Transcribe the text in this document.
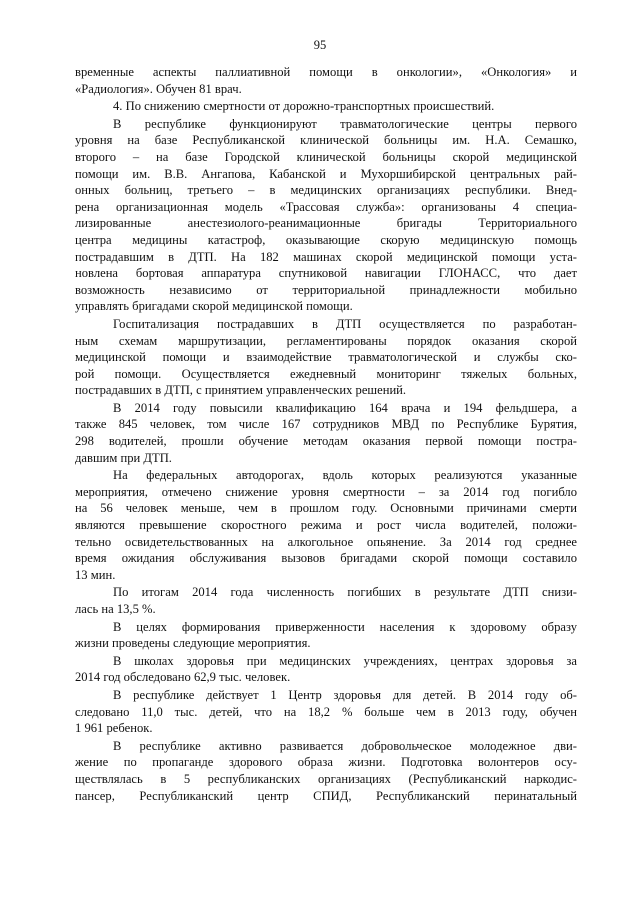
95
временные аспекты паллиативной помощи в онкологии», «Онкология» и
«Радиология». Обучен 81 врач.
4. По снижению смертности от дорожно-транспортных происшествий.
В республике функционируют травматологические центры первого
уровня на базе Республиканской клинической больницы им. Н.А. Семашко,
второго – на базе Городской клинической больницы скорой медицинской
помощи им. В.В. Ангапова, Кабанской и Мухоршибирской центральных рай-
онных больниц, третьего – в медицинских организациях республики. Внед-
рена организационная модель «Трассовая служба»: организованы 4 специа-
лизированные анестезиолого-реанимационные бригады Территориального
центра медицины катастроф, оказывающие скорую медицинскую помощь
пострадавшим в ДТП. На 182 машинах скорой медицинской помощи уста-
новлена бортовая аппаратура спутниковой навигации ГЛОНАСС, что дает
возможность независимо от территориальной принадлежности мобильно
управлять бригадами скорой медицинской помощи.
Госпитализация пострадавших в ДТП осуществляется по разработан-
ным схемам маршрутизации, регламентированы порядок оказания скорой
медицинской помощи и взаимодействие травматологической и службы ско-
рой помощи. Осуществляется ежедневный мониторинг тяжелых больных,
пострадавших в ДТП, с принятием управленческих решений.
В 2014 году повысили квалификацию 164 врача и 194 фельдшера, а
также 845 человек, том числе 167 сотрудников МВД по Республике Бурятия,
298 водителей, прошли обучение методам оказания первой помощи постра-
давшим при ДТП.
На федеральных автодорогах, вдоль которых реализуются указанные
мероприятия, отмечено снижение уровня смертности – за 2014 год погибло
на 56 человек меньше, чем в прошлом году. Основными причинами смерти
являются превышение скоростного режима и рост числа водителей, положи-
тельно освидетельствованных на алкогольное опьянение. За 2014 год среднее
время ожидания обслуживания вызовов бригадами скорой помощи составило
13 мин.
По итогам 2014 года численность погибших в результате ДТП снизи-
лась на 13,5 %.
В целях формирования приверженности населения к здоровому образу
жизни проведены следующие мероприятия.
В школах здоровья при медицинских учреждениях, центрах здоровья за
2014 год обследовано 62,9 тыс. человек.
В республике действует 1 Центр здоровья для детей. В 2014 году об-
следовано 11,0 тыс. детей, что на 18,2 % больше чем в 2013 году, обучен
1 961 ребенок.
В республике активно развивается добровольческое молодежное дви-
жение по пропаганде здорового образа жизни. Подготовка волонтеров осу-
ществлялась в 5 республиканских организациях (Республиканский наркодис-
пансер, Республиканский центр СПИД, Республиканский перинатальный
